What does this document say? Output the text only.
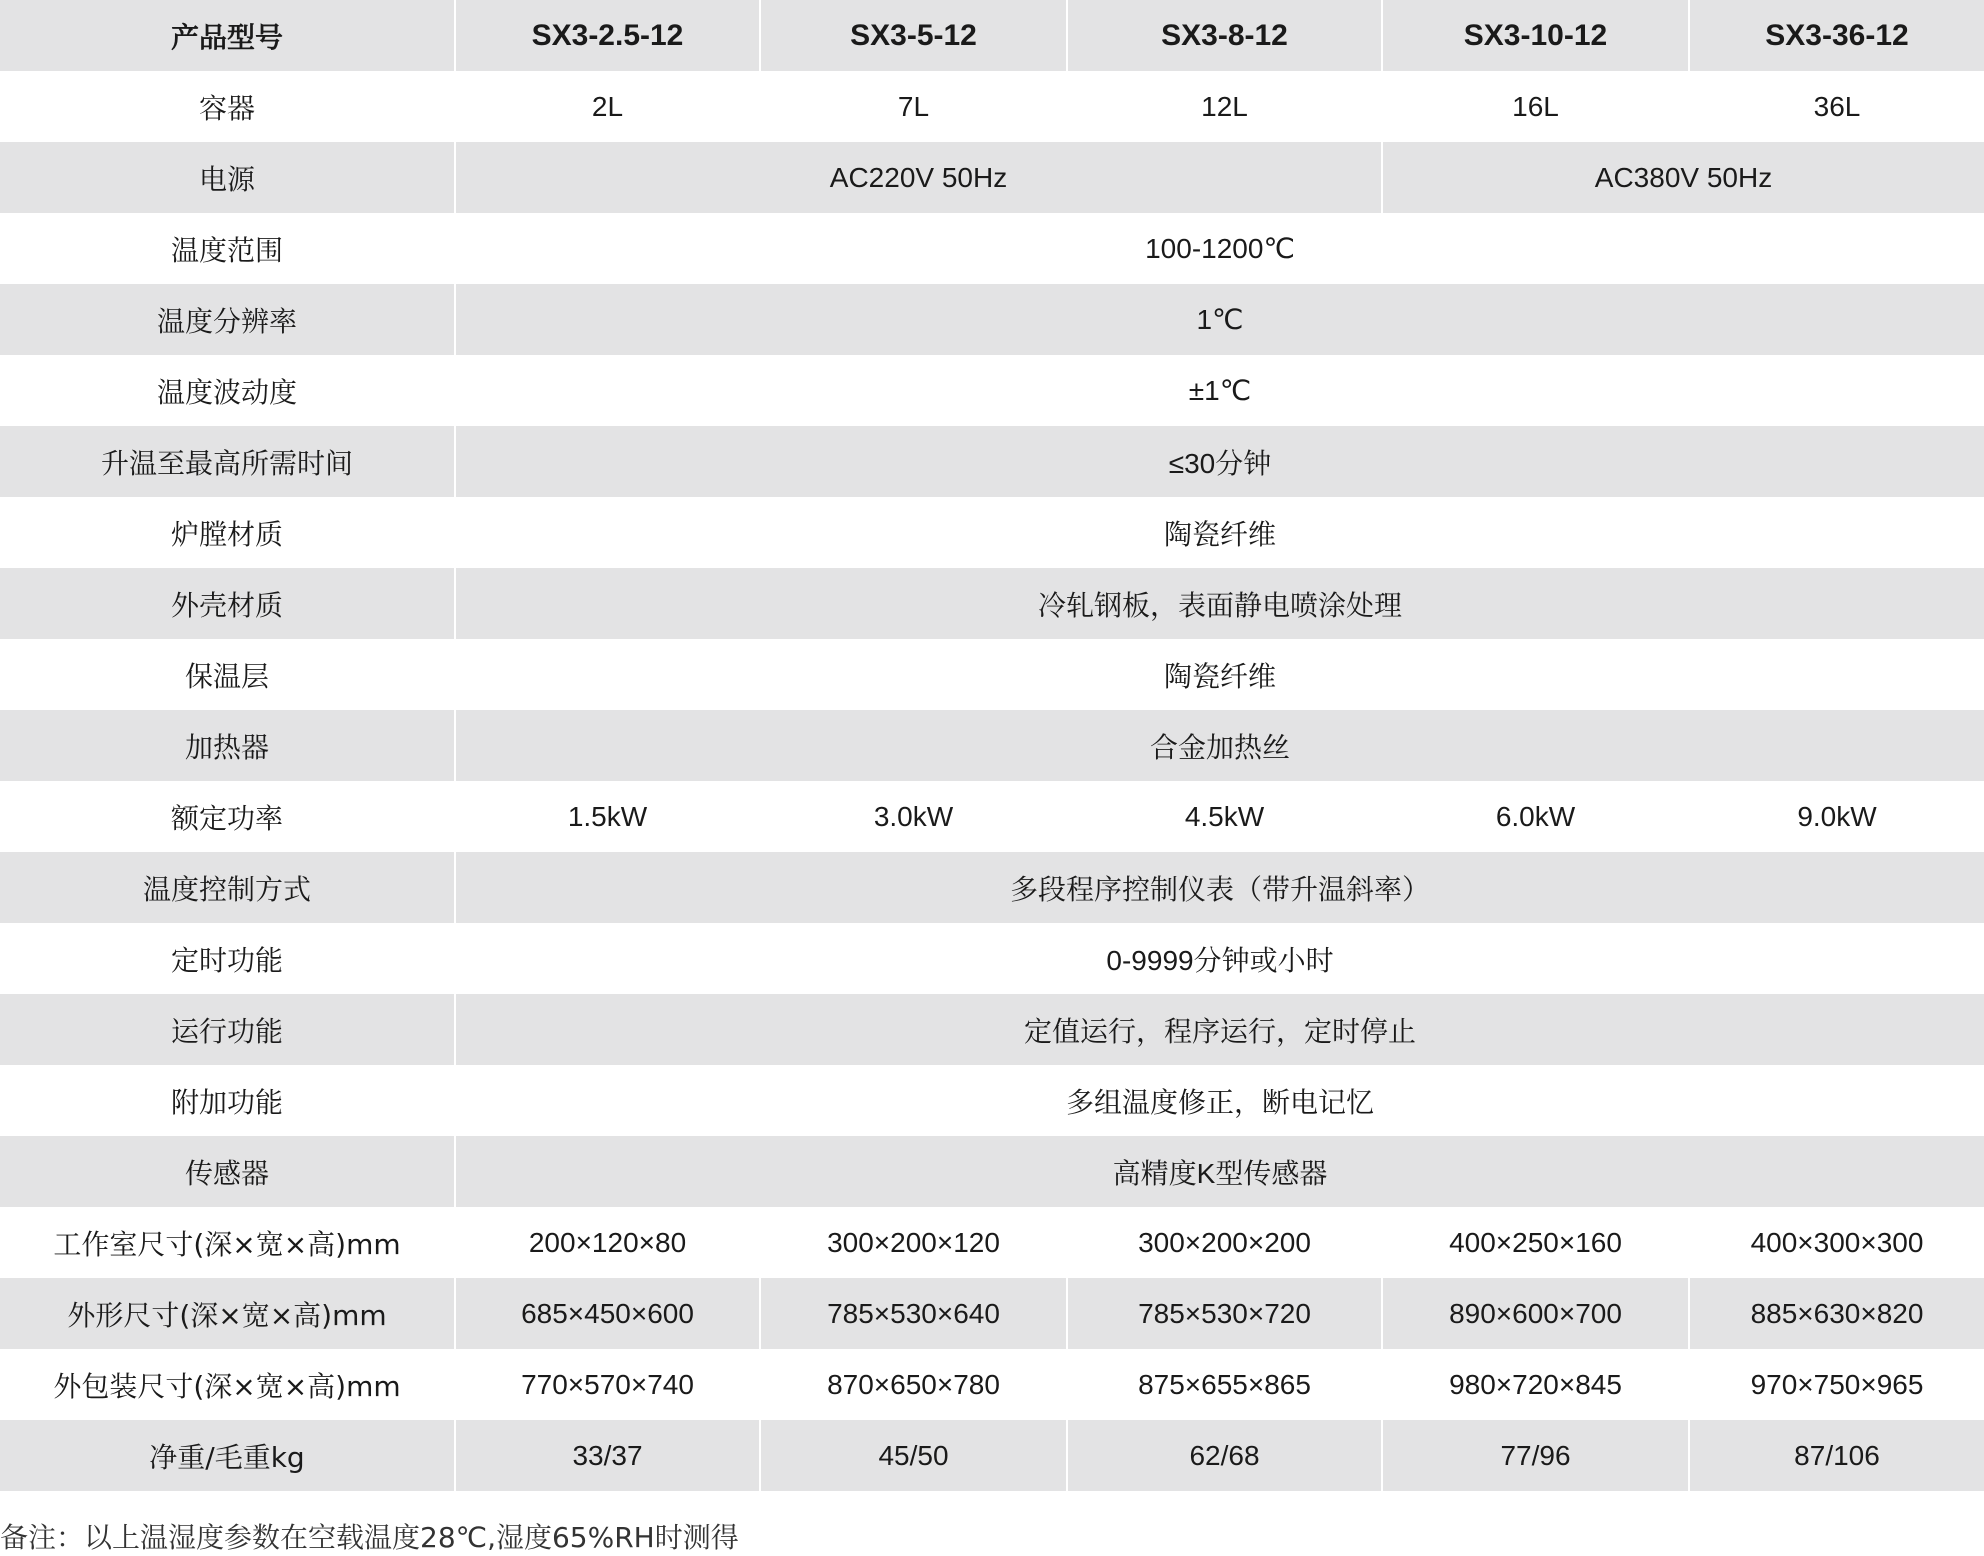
产品型号	SX3-2.5-12	SX3-5-12	SX3-8-12	SX3-10-12	SX3-36-12
容器	2L	7L	12L	16L	36L
电源	AC220V 50Hz			AC380V 50Hz	
温度范围	100-1200℃				
温度分辨率	1℃				
温度波动度	±1℃				
升温至最高所需时间	≤30分钟				
炉膛材质	陶瓷纤维				
外壳材质	冷轧钢板，表面静电喷涂处理				
保温层	陶瓷纤维				
加热器	合金加热丝				
额定功率	1.5kW	3.0kW	4.5kW	6.0kW	9.0kW
温度控制方式	多段程序控制仪表（带升温斜率）				
定时功能	0-9999分钟或小时				
运行功能	定值运行，程序运行，定时停止				
附加功能	多组温度修正，断电记忆				
传感器	高精度K型传感器				
工作室尺寸(深×宽×高)mm	200×120×80	300×200×120	300×200×200	400×250×160	400×300×300
外形尺寸(深×宽×高)mm	685×450×600	785×530×640	785×530×720	890×600×700	885×630×820
外包装尺寸(深×宽×高)mm	770×570×740	870×650×780	875×655×865	980×720×845	970×750×965
净重/毛重kg	33/37	45/50	62/68	77/96	87/106
备注：以上温湿度参数在空载温度28℃,湿度65%RH时测得
